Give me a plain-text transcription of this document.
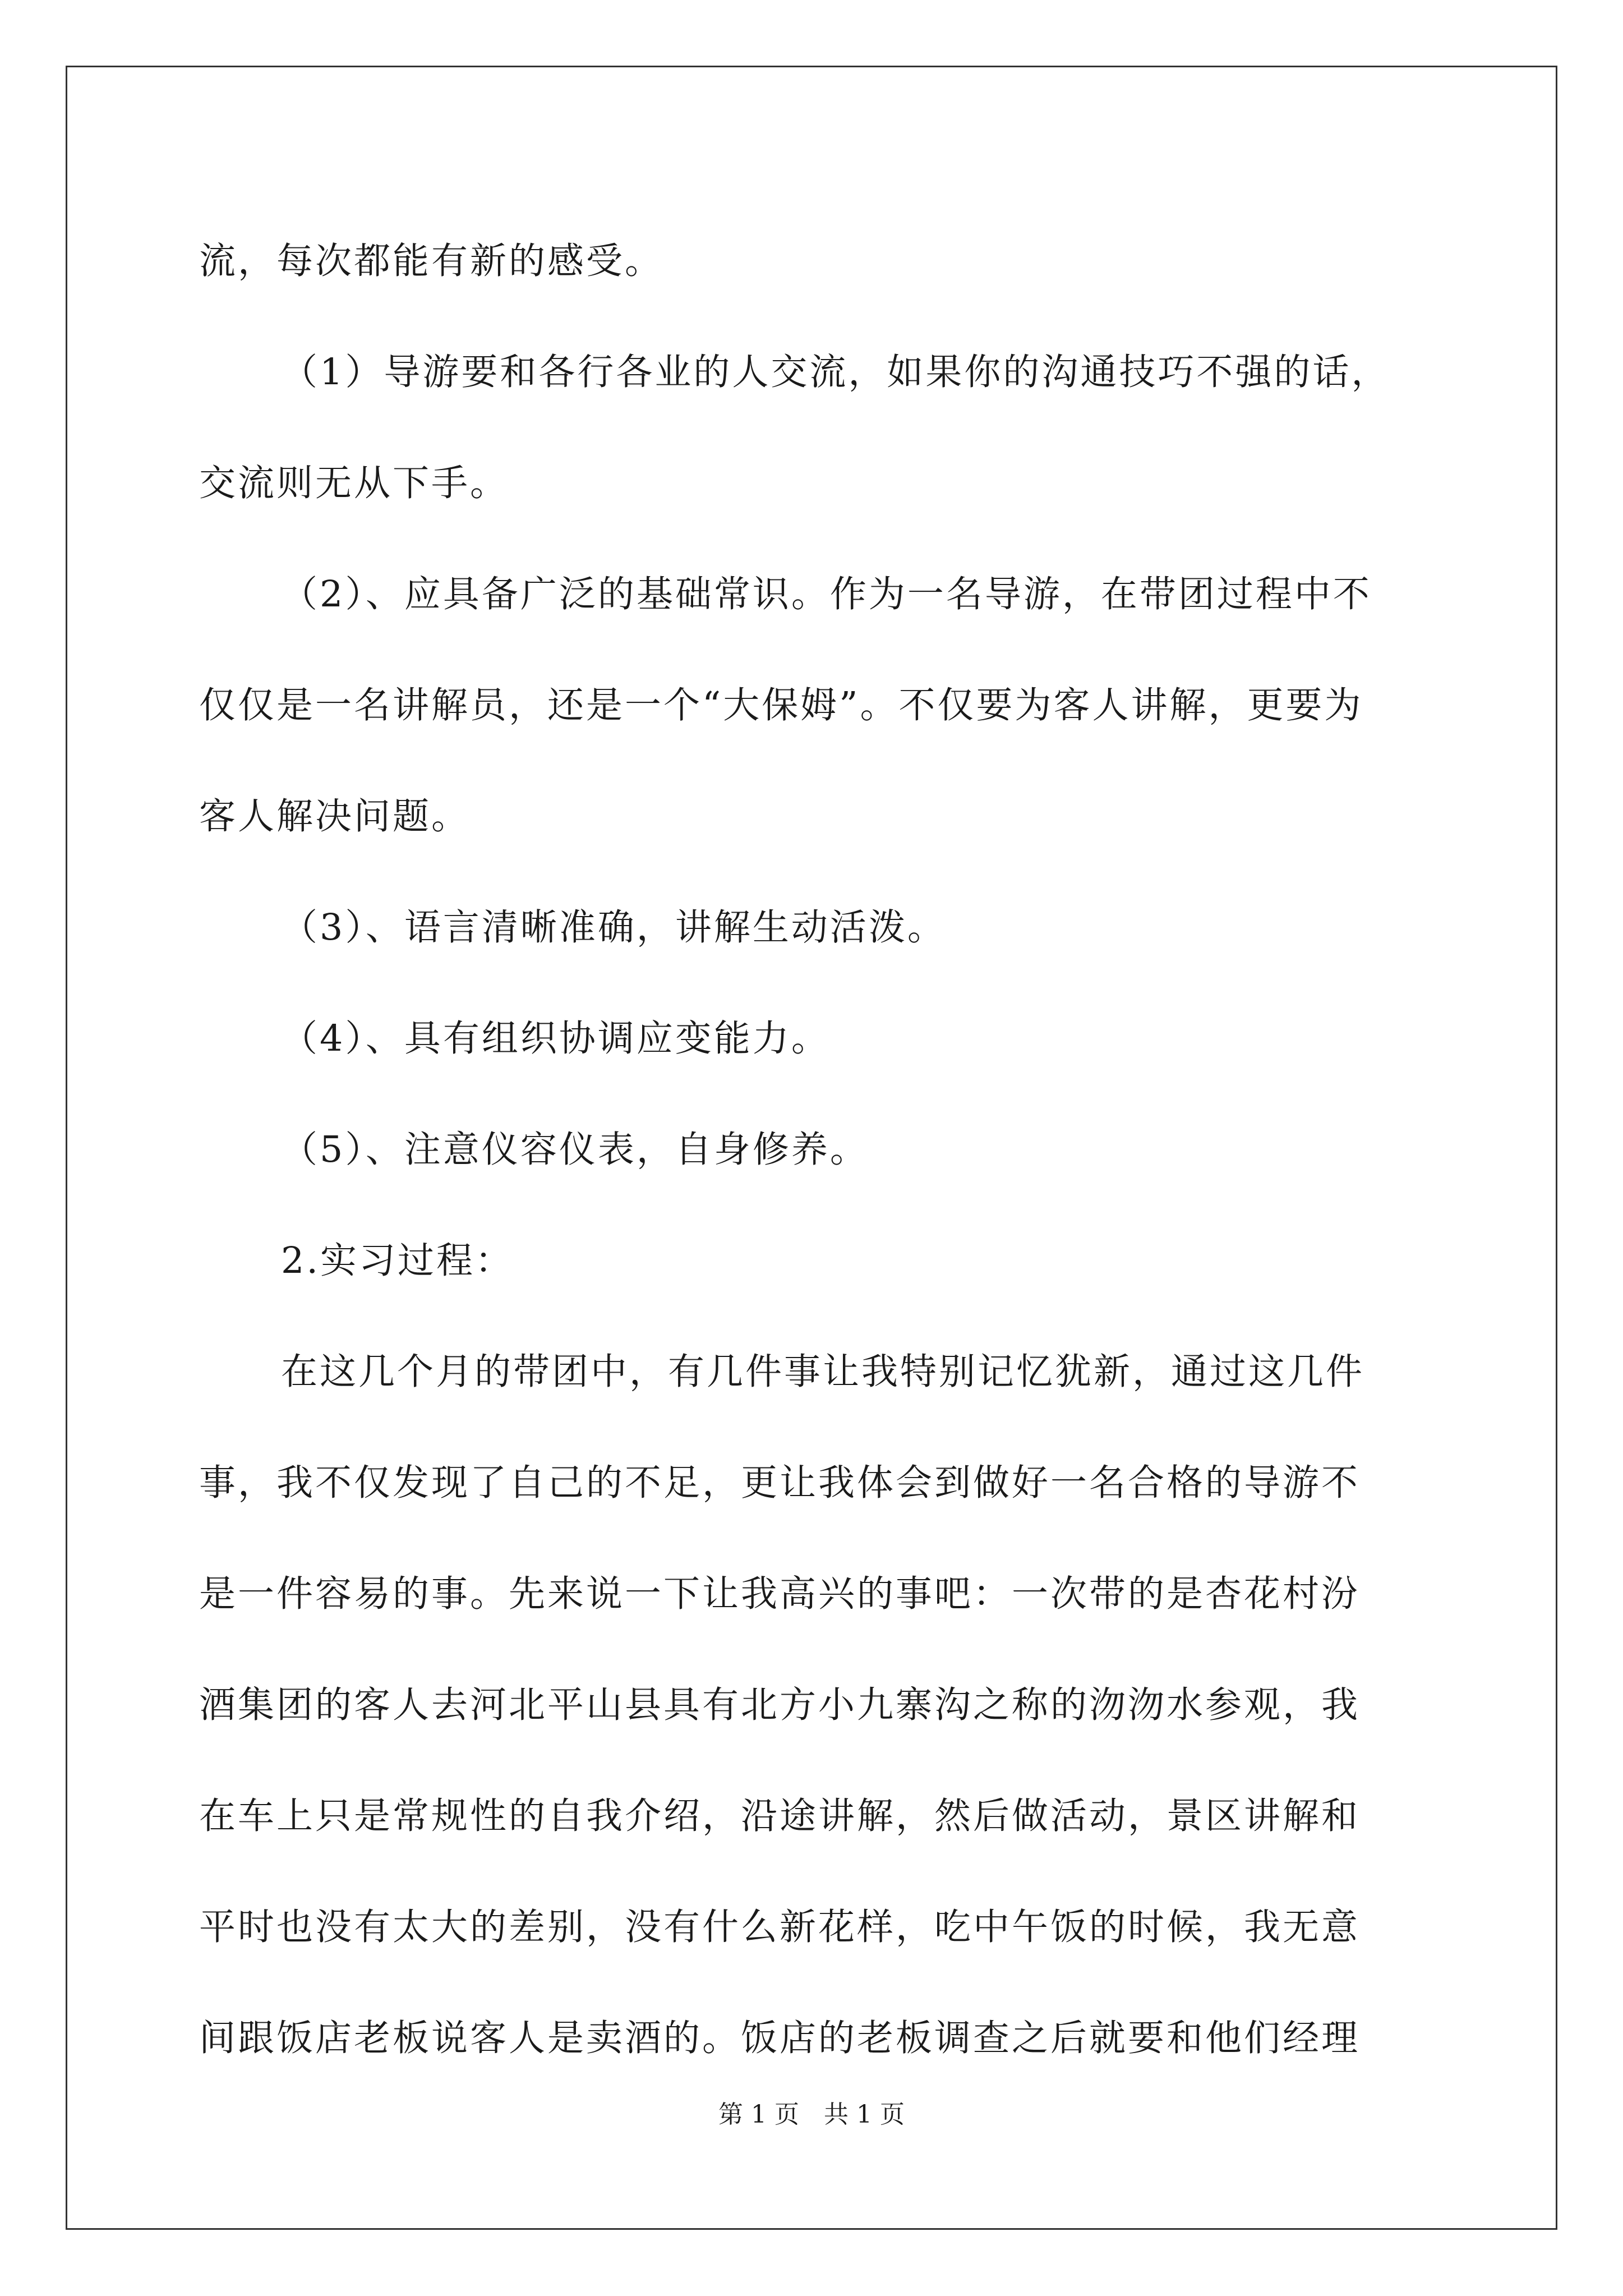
流，每次都能有新的感受。

（1）导游要和各行各业的人交流，如果你的沟通技巧不强的话，

交流则无从下手。

（2）、应具备广泛的基础常识。作为一名导游，在带团过程中不

仅仅是一名讲解员，还是一个“大保姆”。不仅要为客人讲解，更要为

客人解决问题。

（3）、语言清晰准确，讲解生动活泼。

（4）、具有组织协调应变能力。

（5）、注意仪容仪表，自身修养。

2.实习过程：

在这几个月的带团中，有几件事让我特别记忆犹新，通过这几件

事，我不仅发现了自己的不足，更让我体会到做好一名合格的导游不

是一件容易的事。先来说一下让我高兴的事吧：一次带的是杏花村汾

酒集团的客人去河北平山县具有北方小九寨沟之称的沕沕水参观，我

在车上只是常规性的自我介绍，沿途讲解，然后做活动，景区讲解和

平时也没有太大的差别，没有什么新花样，吃中午饭的时候，我无意

间跟饭店老板说客人是卖酒的。饭店的老板调查之后就要和他们经理

第 1 页　共 1 页
